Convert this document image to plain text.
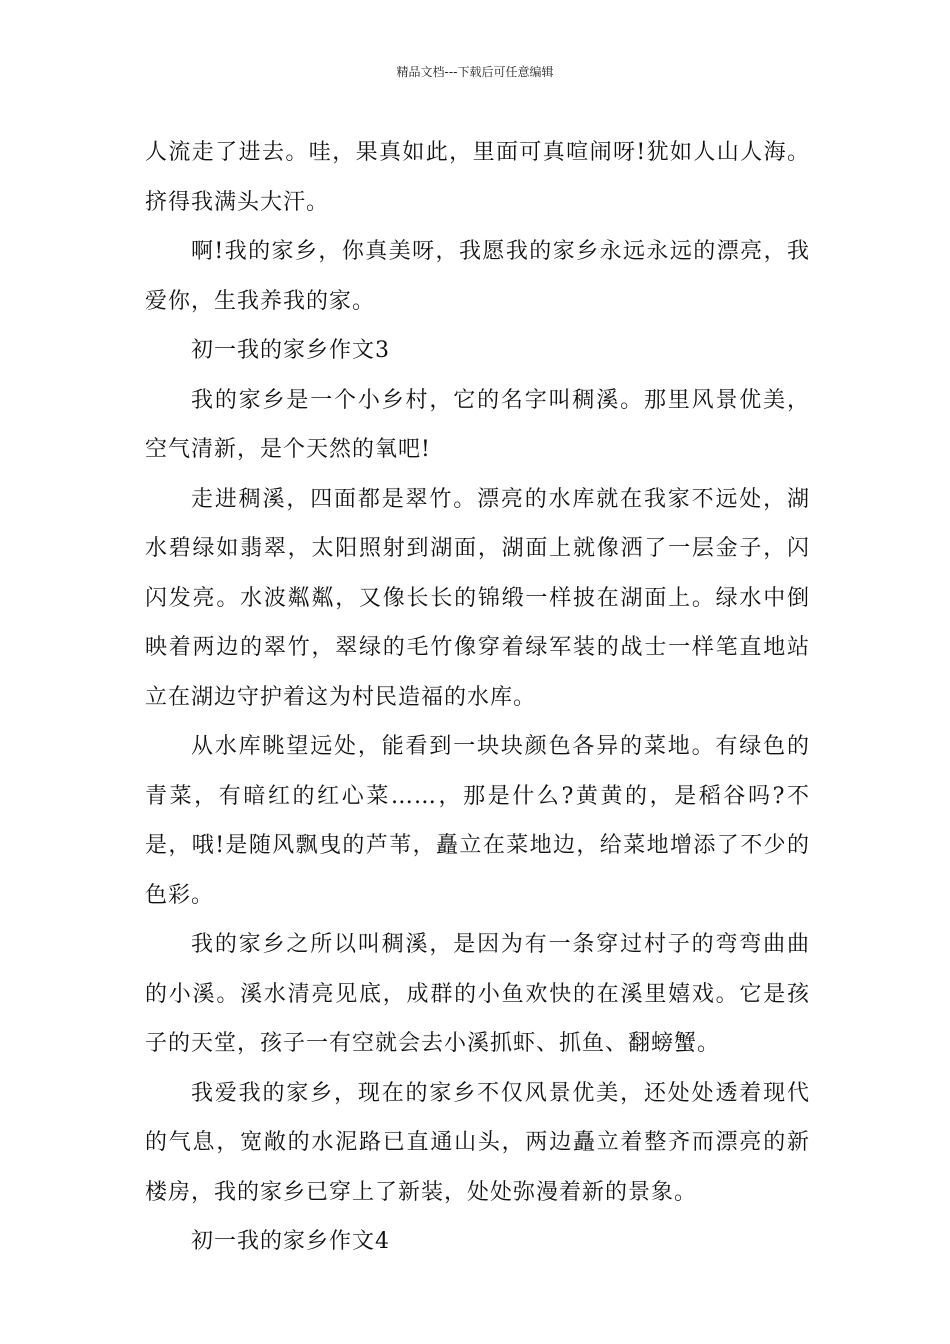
精品文档---下载后可任意编辑

人流走了进去。哇，果真如此，里面可真喧闹呀!犹如人山人海。挤得我满头大汗。

啊!我的家乡，你真美呀，我愿我的家乡永远永远的漂亮，我爱你，生我养我的家。

初一我的家乡作文3

我的家乡是一个小乡村，它的名字叫稠溪。那里风景优美，空气清新，是个天然的氧吧!

走进稠溪，四面都是翠竹。漂亮的水库就在我家不远处，湖水碧绿如翡翠，太阳照射到湖面，湖面上就像洒了一层金子，闪闪发亮。水波粼粼，又像长长的锦缎一样披在湖面上。绿水中倒映着两边的翠竹，翠绿的毛竹像穿着绿军装的战士一样笔直地站立在湖边守护着这为村民造福的水库。

从水库眺望远处，能看到一块块颜色各异的菜地。有绿色的青菜，有暗红的红心菜……，那是什么?黄黄的，是稻谷吗?不是，哦!是随风飘曳的芦苇，矗立在菜地边，给菜地增添了不少的色彩。

我的家乡之所以叫稠溪，是因为有一条穿过村子的弯弯曲曲的小溪。溪水清亮见底，成群的小鱼欢快的在溪里嬉戏。它是孩子的天堂，孩子一有空就会去小溪抓虾、抓鱼、翻螃蟹。

我爱我的家乡，现在的家乡不仅风景优美，还处处透着现代的气息，宽敞的水泥路已直通山头，两边矗立着整齐而漂亮的新楼房，我的家乡已穿上了新装，处处弥漫着新的景象。

初一我的家乡作文4
